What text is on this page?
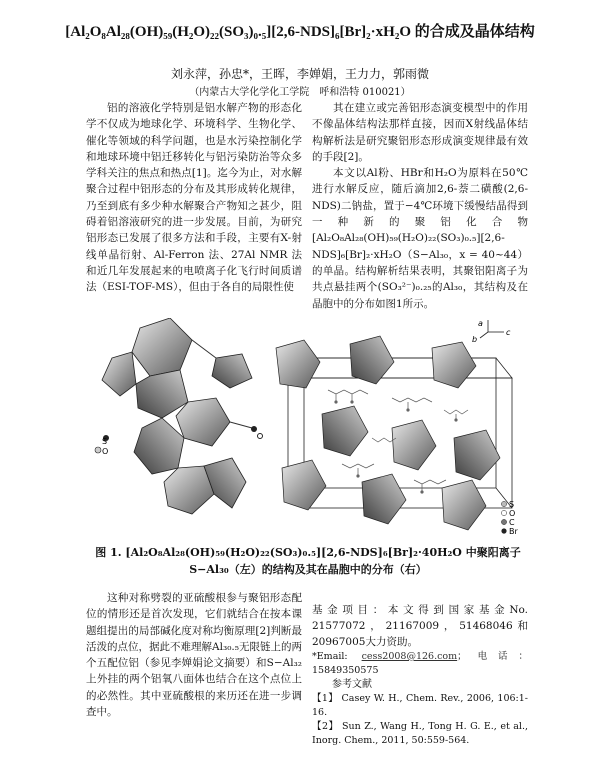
[Al₂O₈Al₂₈(OH)₅₉(H₂O)₂₂(SO₃)₀.₅][2,6-NDS]₆[Br]₂·xH₂O 的合成及晶体结构
刘永萍，孙忠*，王晖，李婵娟，王力力，郭雨微
（内蒙古大学化学化工学院　呼和浩特 010021）

铝的溶液化学特别是铝水解产物的形态化学不仅成为地球化学、环境科学、生物化学、催化等领域的科学问题，也是水污染控制化学和地球环境中铝迁移转化与铝污染防治等众多学科关注的焦点和热点[1]。迄今为止，对水解聚合过程中铝形态的分布及其形成转化规律，乃至到底有多少种水解聚合产物知之甚少，阻碍着铝溶液研究的进一步发展。目前，为研究铝形态已发展了很多方法和手段，主要有X-射线单晶衍射、Al-Ferron 法、27Al NMR 法和近几年发展起来的电喷离子化飞行时间质谱法（ESI-TOF-MS），但由于各自的局限性使

其在建立或完善铝形态演变模型中的作用不像晶体结构法那样直接，因而X射线晶体结构解析法是研究聚铝形态形成演变规律最有效的手段[2]。

本文以Al粉、HBr和H₂O为原料在50℃进行水解反应，随后滴加2,6-萘二磺酸(2,6-NDS)二钠盐，置于−4℃环境下缓慢结晶得到一种新的聚铝化合物[Al₂O₈Al₂₈(OH)₅₉(H₂O)₂₂(SO₃)₀.₅][2,6-NDS]₆[Br]₂·xH₂O（S−Al₃₀，x = 40~44）的单晶。结构解析结果表明，其聚铝阳离子为共点悬挂两个(SO₃²⁻)₀.₂₅的Al₃₀，其结构及在晶胞中的分布如图1所示。

S
O
a
c
b
S
O
C
Br
图 1. [Al₂O₈Al₂₈(OH)₅₉(H₂O)₂₂(SO₃)₀.₅][2,6-NDS]₆[Br]₂·40H₂O 中聚阳离子 S−Al₃₀（左）的结构及其在晶胞中的分布（右）

这种对称劈裂的亚硫酸根参与聚铝形态配位的情形还是首次发现，它们就结合在按本课题组提出的局部碱化度对称均衡原理[2]判断最活泼的点位，据此不难理解Al₃₀.₅无限链上的两个五配位铝（参见李婵娟论文摘要）和S−Al₃₂上外挂的两个铝氧八面体也结合在这个点位上的必然性。其中亚硫酸根的来历还在进一步调查中。

基金项目：本文得到国家基金No. 21577072，21167009，51468046和20967005大力资助。

*Email: cess2008@126.com；电话：15849350575

参考文献

【1】 Casey W. H., Chem. Rev., 2006, 106:1-16.

【2】 Sun Z., Wang H., Tong H. G. E., et al., Inorg. Chem., 2011, 50:559-564.
